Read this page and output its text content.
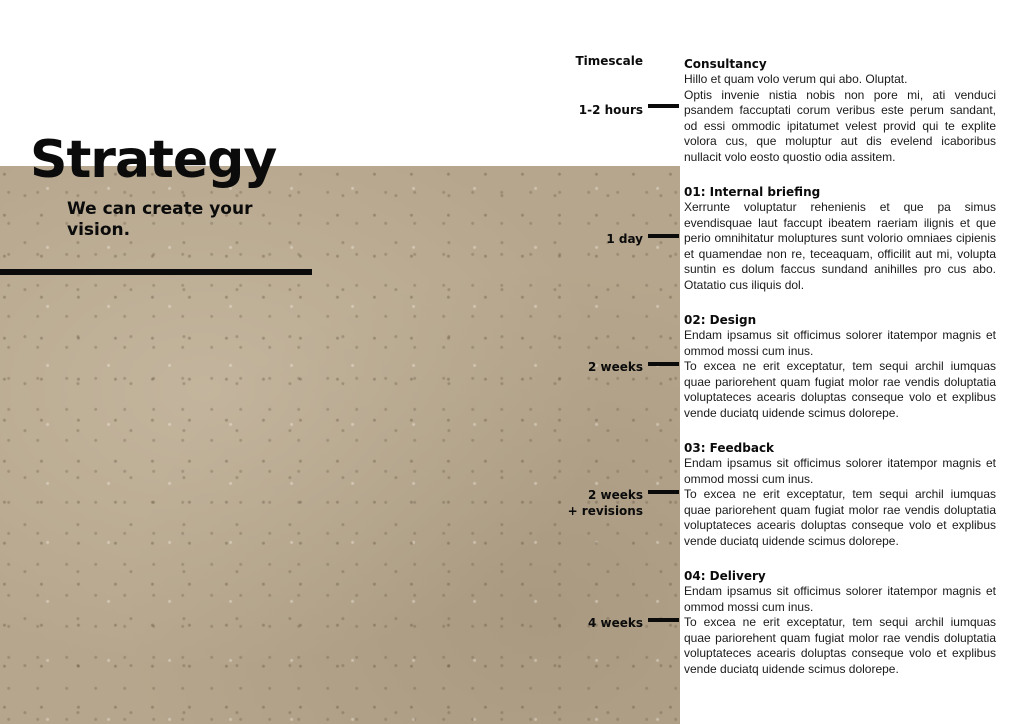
Strategy
We can create your vision.
Timescale
1-2 hours
1 day
2 weeks
2 weeks
+ revisions
4 weeks
Consultancy

Hillo et quam volo verum qui abo. Oluptat.

Optis invenie nistia nobis non pore mi, ati venduci psandem faccuptati corum veribus este perum sandant, od essi ommodic ipitatumet velest provid qui te explite volora cus, que moluptur aut dis evelend icaboribus nullacit volo eosto quostio odia assitem.

01: Internal briefing

Xerrunte voluptatur rehenienis et que pa simus evendisquae laut faccupt ibeatem raeriam ilignis et que perio omnihitatur moluptures sunt volorio omniaes cipienis et quamendae non re, teceaquam, officilit aut mi, volupta suntin es dolum faccus sundand anihilles pro cus abo. Otatatio cus iliquis dol.

02: Design

Endam ipsamus sit officimus solorer itatempor magnis et ommod mossi cum inus.

To excea ne erit exceptatur, tem sequi archil iumquas quae pariorehent quam fugiat molor rae vendis doluptatia voluptateces acearis doluptas conseque volo et explibus vende duciatq uidende scimus dolorepe.

03: Feedback

Endam ipsamus sit officimus solorer itatempor magnis et ommod mossi cum inus.

To excea ne erit exceptatur, tem sequi archil iumquas quae pariorehent quam fugiat molor rae vendis doluptatia voluptateces acearis doluptas conseque volo et explibus vende duciatq uidende scimus dolorepe.

04: Delivery

Endam ipsamus sit officimus solorer itatempor magnis et ommod mossi cum inus.

To excea ne erit exceptatur, tem sequi archil iumquas quae pariorehent quam fugiat molor rae vendis doluptatia voluptateces acearis doluptas conseque volo et explibus vende duciatq uidende scimus dolorepe.
